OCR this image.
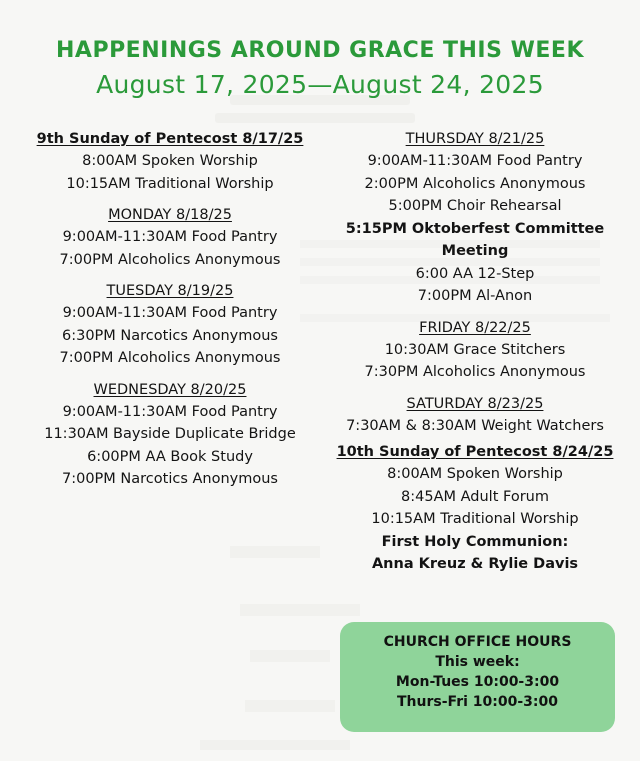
HAPPENINGS AROUND GRACE THIS WEEK
August 17, 2025—August 24, 2025
9th Sunday of Pentecost 8/17/25
8:00AM Spoken Worship
10:15AM Traditional Worship
MONDAY 8/18/25
9:00AM-11:30AM Food Pantry
7:00PM Alcoholics Anonymous
TUESDAY 8/19/25
9:00AM-11:30AM Food Pantry
6:30PM Narcotics Anonymous
7:00PM Alcoholics Anonymous
WEDNESDAY 8/20/25
9:00AM-11:30AM Food Pantry
11:30AM Bayside Duplicate Bridge
6:00PM AA Book Study
7:00PM Narcotics Anonymous
THURSDAY 8/21/25
9:00AM-11:30AM Food Pantry
2:00PM Alcoholics Anonymous
5:00PM Choir Rehearsal
5:15PM Oktoberfest Committee
Meeting
6:00 AA 12-Step
7:00PM Al-Anon
FRIDAY 8/22/25
10:30AM Grace Stitchers
7:30PM Alcoholics Anonymous
SATURDAY 8/23/25
7:30AM & 8:30AM Weight Watchers
10th Sunday of Pentecost 8/24/25
8:00AM Spoken Worship
8:45AM Adult Forum
10:15AM Traditional Worship
First Holy Communion:
Anna Kreuz & Rylie Davis
CHURCH OFFICE HOURS
This week:
Mon-Tues 10:00-3:00
Thurs-Fri 10:00-3:00
